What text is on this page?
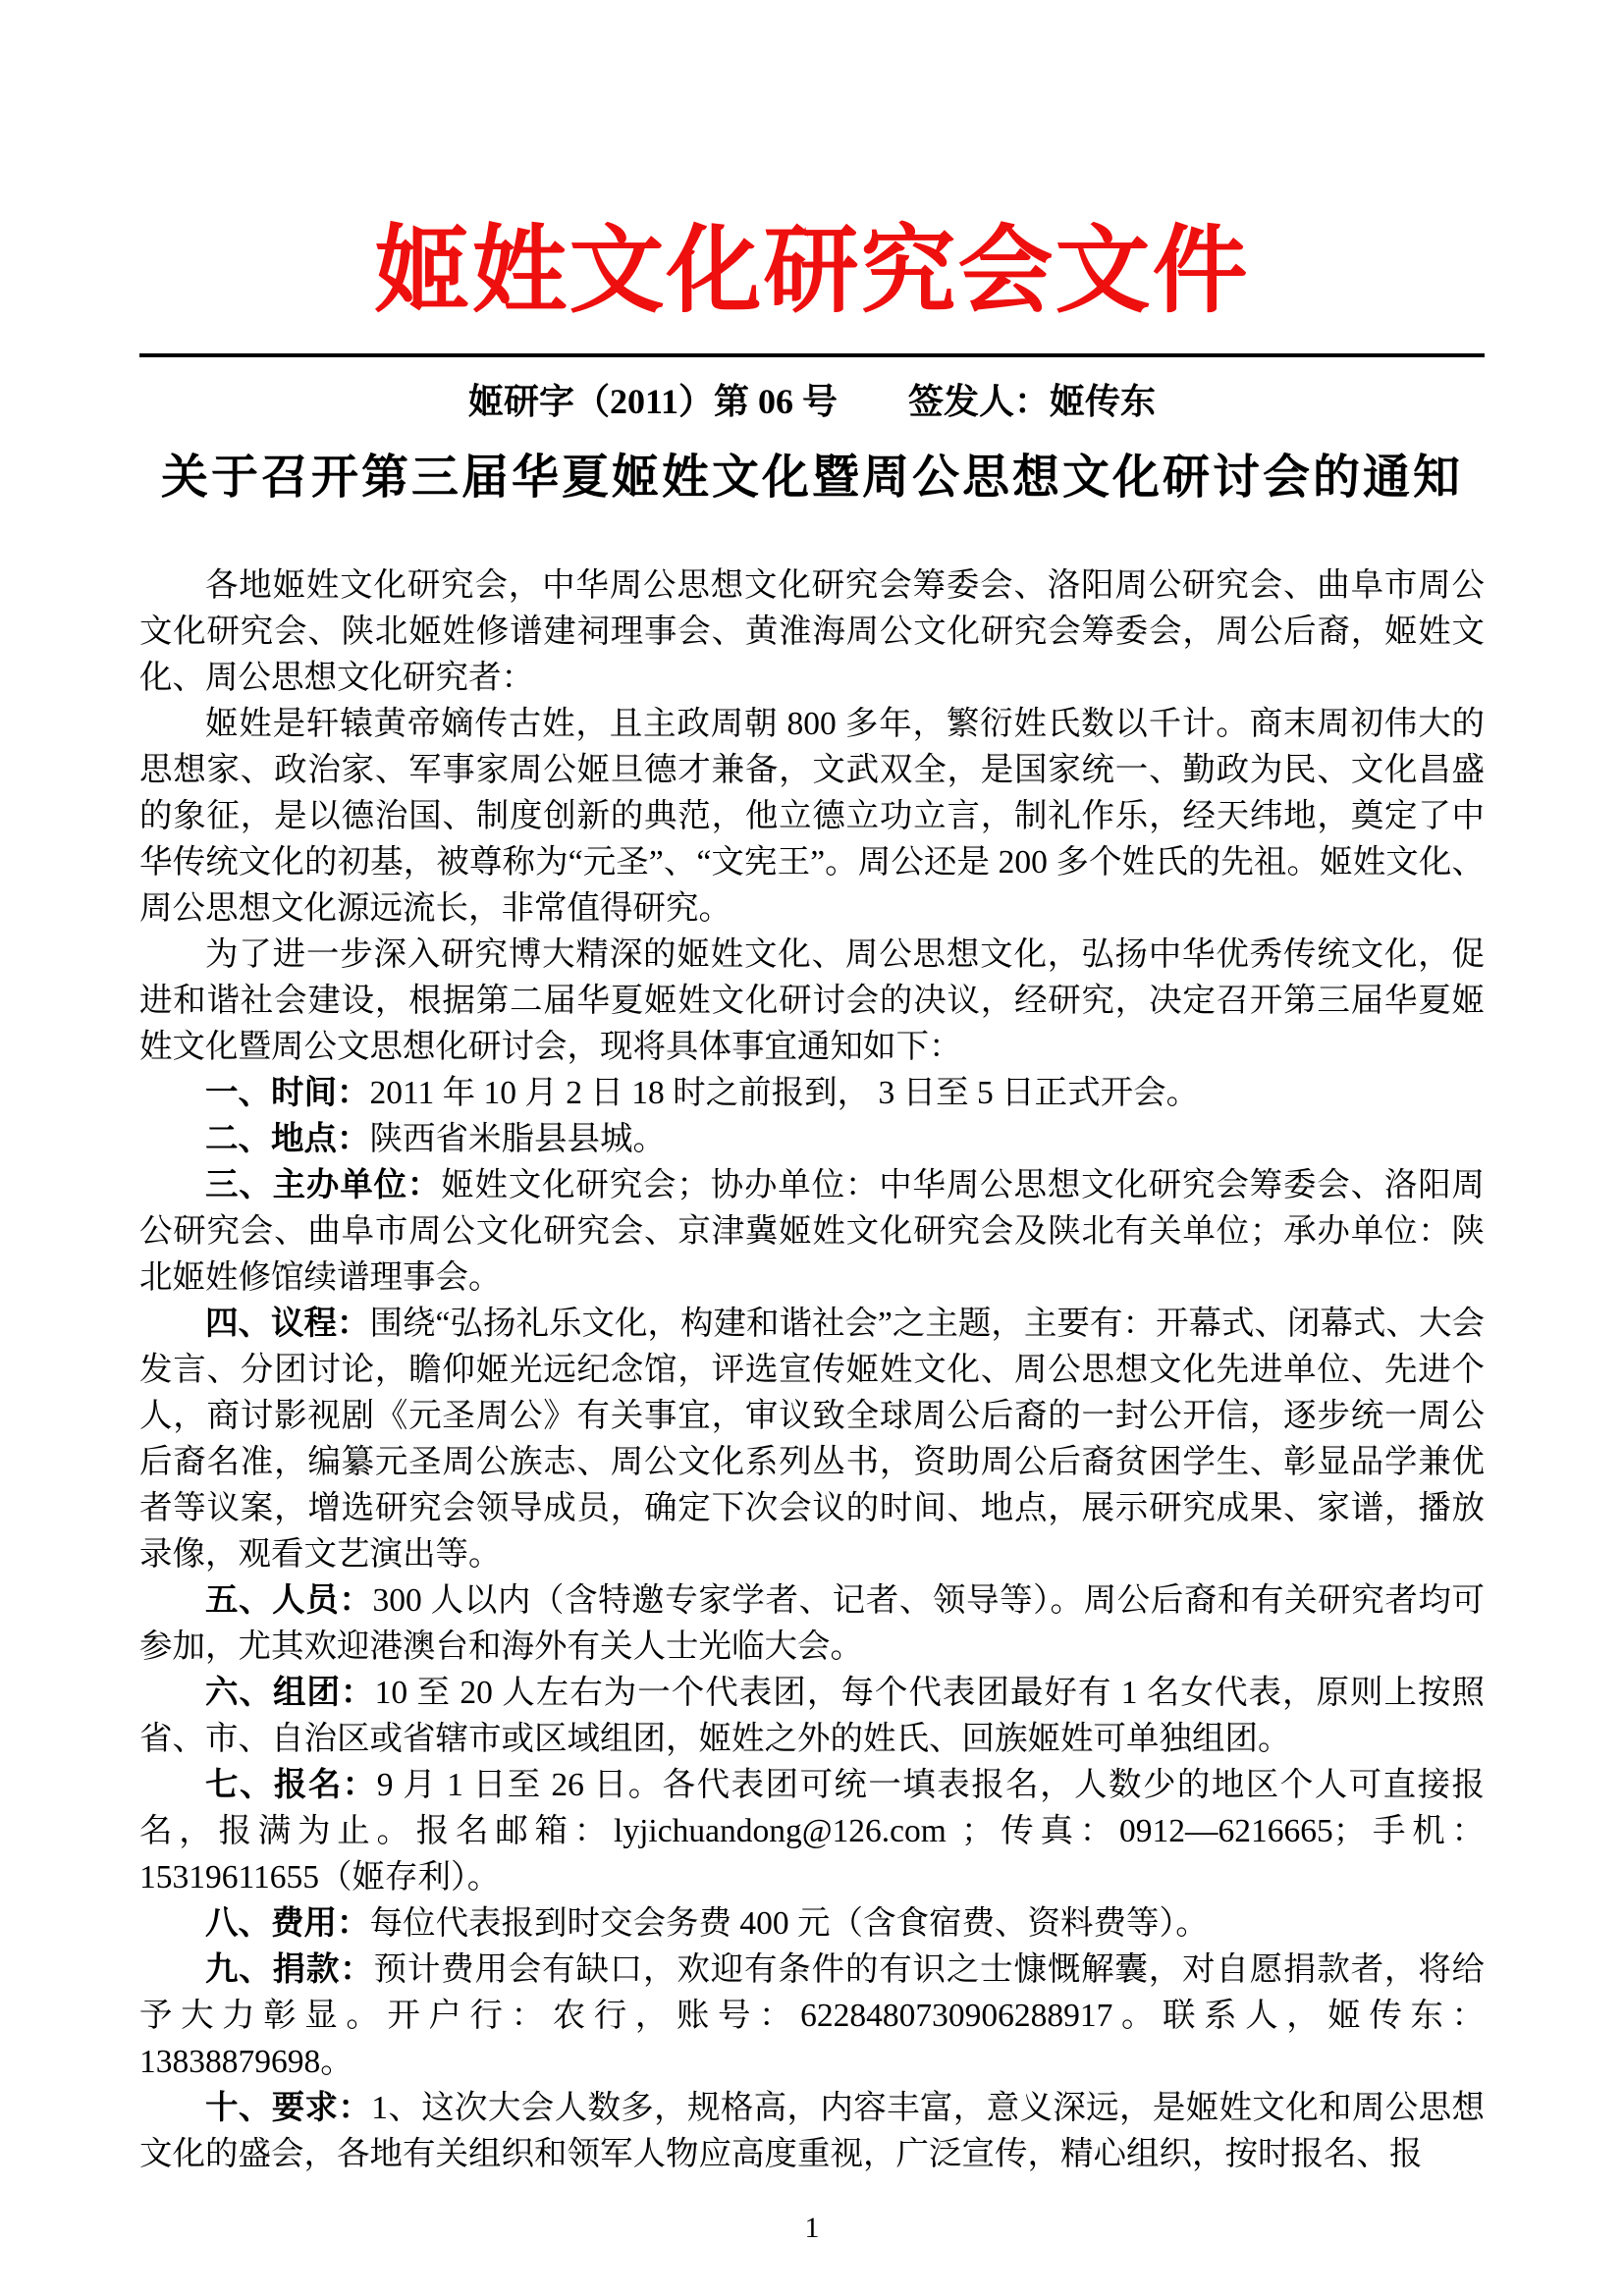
姬姓文化研究会文件
姬研字（2011）第 06 号 签发人：姬传东
关于召开第三届华夏姬姓文化暨周公思想文化研讨会的通知

各地姬姓文化研究会，中华周公思想文化研究会筹委会、洛阳周公研究会、曲阜市周公文化研究会、陕北姬姓修谱建祠理事会、黄淮海周公文化研究会筹委会，周公后裔，姬姓文化、周公思想文化研究者：

姬姓是轩辕黄帝嫡传古姓，且主政周朝 800 多年，繁衍姓氏数以千计。商末周初伟大的思想家、政治家、军事家周公姬旦德才兼备，文武双全，是国家统一、勤政为民、文化昌盛的象征，是以德治国、制度创新的典范，他立德立功立言，制礼作乐，经天纬地，奠定了中华传统文化的初基，被尊称为“元圣”、“文宪王”。周公还是 200 多个姓氏的先祖。姬姓文化、周公思想文化源远流长，非常值得研究。

为了进一步深入研究博大精深的姬姓文化、周公思想文化，弘扬中华优秀传统文化，促进和谐社会建设，根据第二届华夏姬姓文化研讨会的决议，经研究，决定召开第三届华夏姬姓文化暨周公文思想化研讨会，现将具体事宜通知如下：

一、时间：2011 年 10 月 2 日 18 时之前报到， 3 日至 5 日正式开会。

二、地点：陕西省米脂县县城。

三、主办单位：姬姓文化研究会；协办单位：中华周公思想文化研究会筹委会、洛阳周公研究会、曲阜市周公文化研究会、京津冀姬姓文化研究会及陕北有关单位；承办单位：陕北姬姓修馆续谱理事会。

四、议程：围绕“弘扬礼乐文化，构建和谐社会”之主题，主要有：开幕式、闭幕式、大会发言、分团讨论，瞻仰姬光远纪念馆，评选宣传姬姓文化、周公思想文化先进单位、先进个人，商讨影视剧《元圣周公》有关事宜，审议致全球周公后裔的一封公开信，逐步统一周公后裔名准，编纂元圣周公族志、周公文化系列丛书，资助周公后裔贫困学生、彰显品学兼优者等议案，增选研究会领导成员，确定下次会议的时间、地点，展示研究成果、家谱，播放录像，观看文艺演出等。

五、人员：300 人以内（含特邀专家学者、记者、领导等）。周公后裔和有关研究者均可参加，尤其欢迎港澳台和海外有关人士光临大会。

六、组团：10 至 20 人左右为一个代表团，每个代表团最好有 1 名女代表，原则上按照省、市、自治区或省辖市或区域组团，姬姓之外的姓氏、回族姬姓可单独组团。

七、报名：9 月 1 日至 26 日。各代表团可统一填表报名，人数少的地区个人可直接报名，报满为止。报名邮箱：lyjichuandong@126.com ；传真：0912—6216665；手机：15319611655（姬存利）。

八、费用：每位代表报到时交会务费 400 元（含食宿费、资料费等）。

九、捐款：预计费用会有缺口，欢迎有条件的有识之士慷慨解囊，对自愿捐款者，将给予大力彰显。开户行：农行，账号：6228480730906288917。联系人，姬传东：13838879698。

十、要求：1、这次大会人数多，规格高，内容丰富，意义深远，是姬姓文化和周公思想文化的盛会，各地有关组织和领军人物应高度重视，广泛宣传，精心组织，按时报名、报

1
